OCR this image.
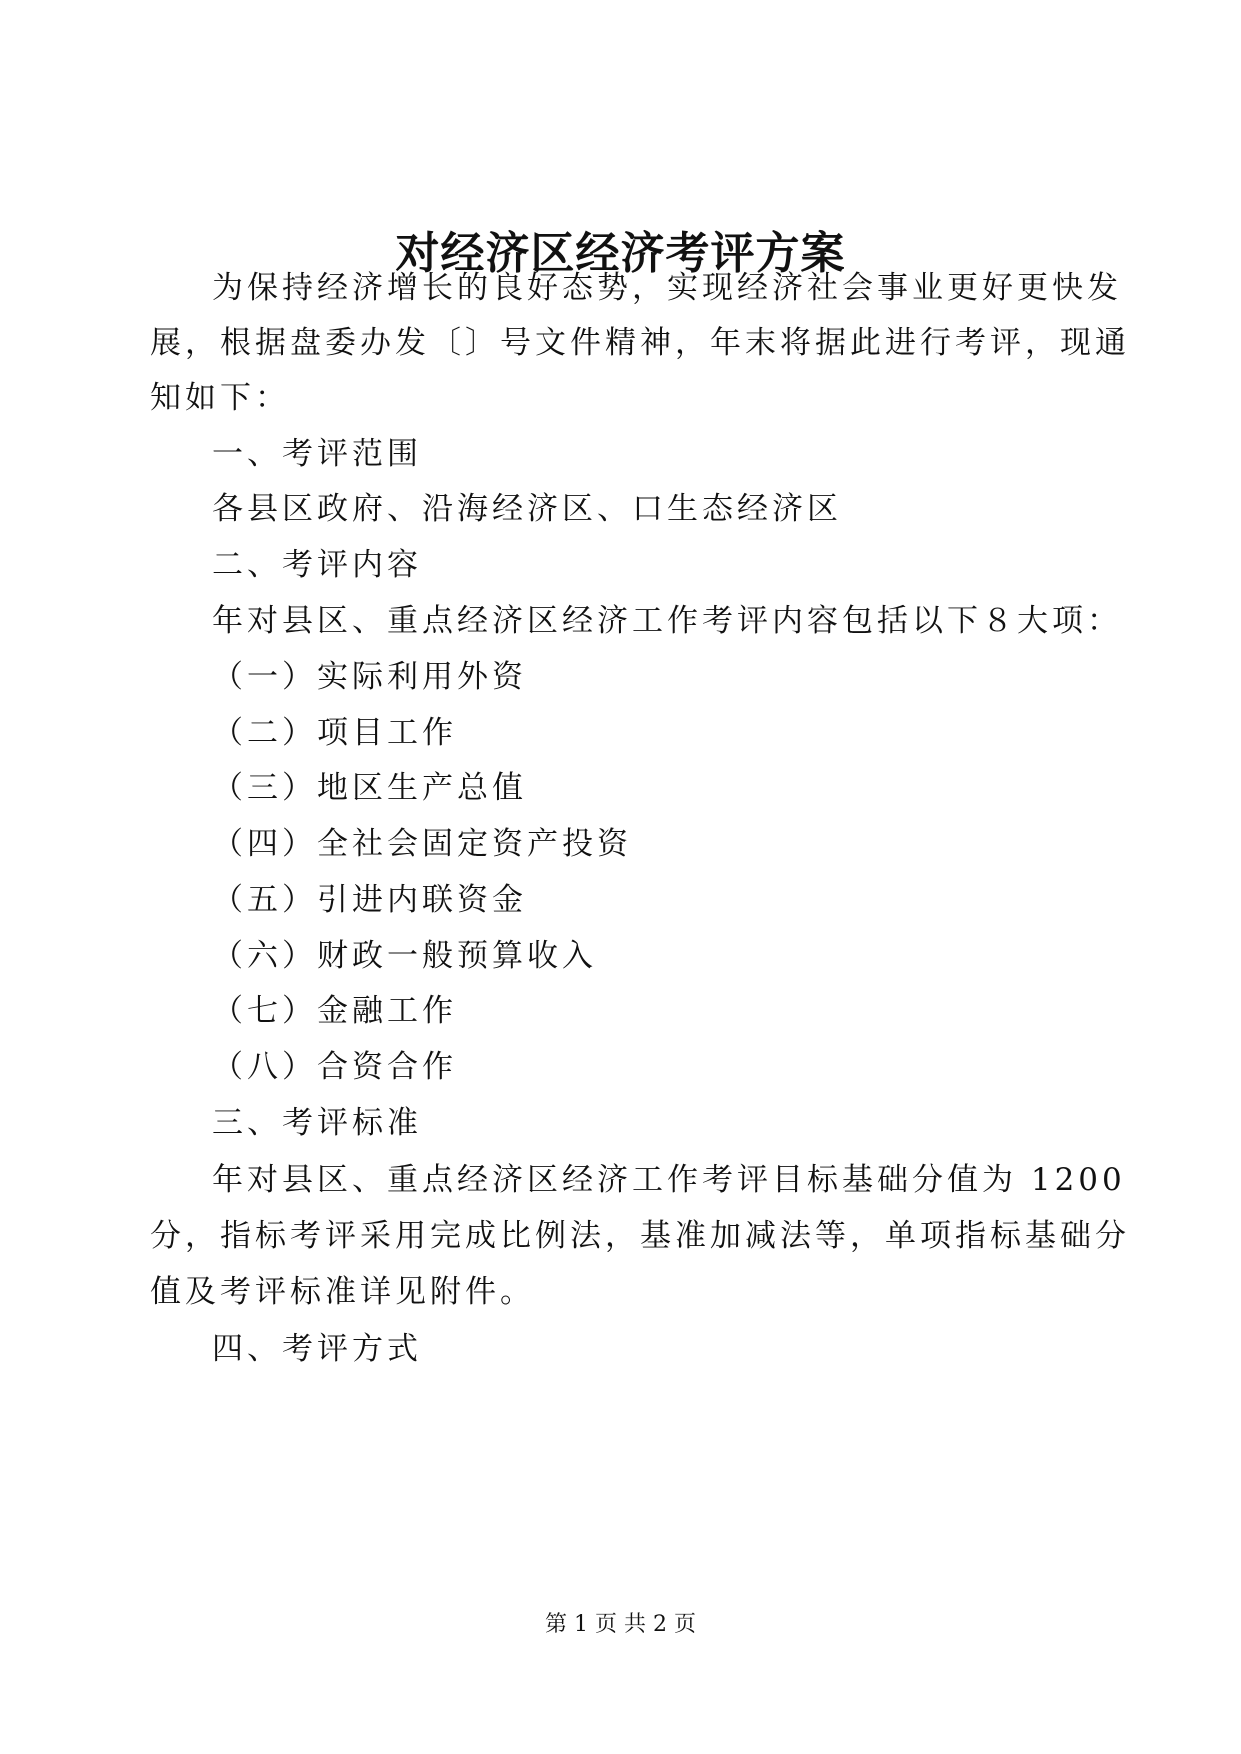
对经济区经济考评方案
为保持经济增长的良好态势，实现经济社会事业更好更快发
展，根据盘委办发〔〕号文件精神，年末将据此进行考评，现通
知如下：
一、考评范围
各县区政府、沿海经济区、口生态经济区
二、考评内容
年对县区、重点经济区经济工作考评内容包括以下８大项：
（一）实际利用外资
（二）项目工作
（三）地区生产总值
（四）全社会固定资产投资
（五）引进内联资金
（六）财政一般预算收入
（七）金融工作
（八）合资合作
三、考评标准
年对县区、重点经济区经济工作考评目标基础分值为 1200
分，指标考评采用完成比例法，基准加减法等，单项指标基础分
值及考评标准详见附件。
四、考评方式
第 1 页 共 2 页
